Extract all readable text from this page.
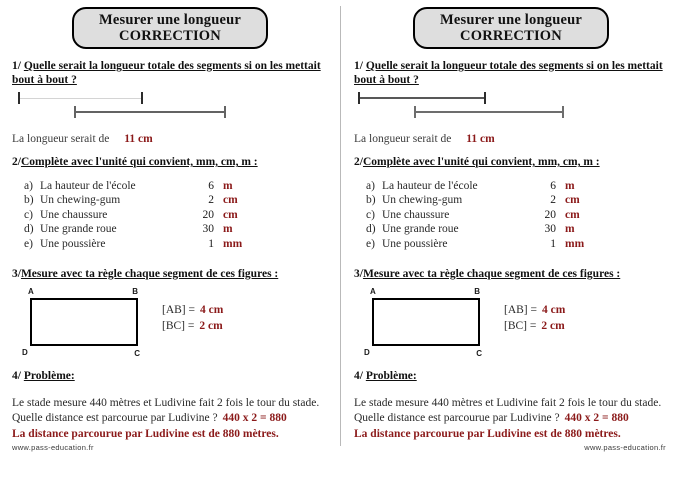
Mesurer une longueur
CORRECTION
1/ Quelle serait la longueur totale des segments si on les mettait bout à bout ?
La longueur serait de 11 cm
2/Complète avec l'unité qui convient, mm, cm, m :
a) La hauteur de l'école	6 m
b) Un chewing-gum	2 cm
c) Une chaussure	20 cm
d) Une grande roue	30 m
e) Une poussière	1 mm
3/Mesure avec ta règle chaque segment de ces figures :
A	B
C
D
[AB] = 4 cm
[BC] = 2 cm
4/ Problème:
Le stade mesure 440 mètres et Ludivine fait 2 fois le tour du stade.
Quelle distance est parcourue par Ludivine ? 440 x 2 = 880
La distance parcourue par Ludivine est de 880 mètres.
www.pass-education.fr
Mesurer une longueur
CORRECTION
1/ Quelle serait la longueur totale des segments si on les mettait bout à bout ?
La longueur serait de 11 cm
2/Complète avec l'unité qui convient, mm, cm, m :
a) La hauteur de l'école	6 m
b) Un chewing-gum	2 cm
c) Une chaussure	20 cm
d) Une grande roue	30 m
e) Une poussière	1 mm
3/Mesure avec ta règle chaque segment de ces figures :
A	B
C
D
[AB] = 4 cm
[BC] = 2 cm
4/ Problème:
Le stade mesure 440 mètres et Ludivine fait 2 fois le tour du stade.
Quelle distance est parcourue par Ludivine ? 440 x 2 = 880
La distance parcourue par Ludivine est de 880 mètres.
www.pass-education.fr
